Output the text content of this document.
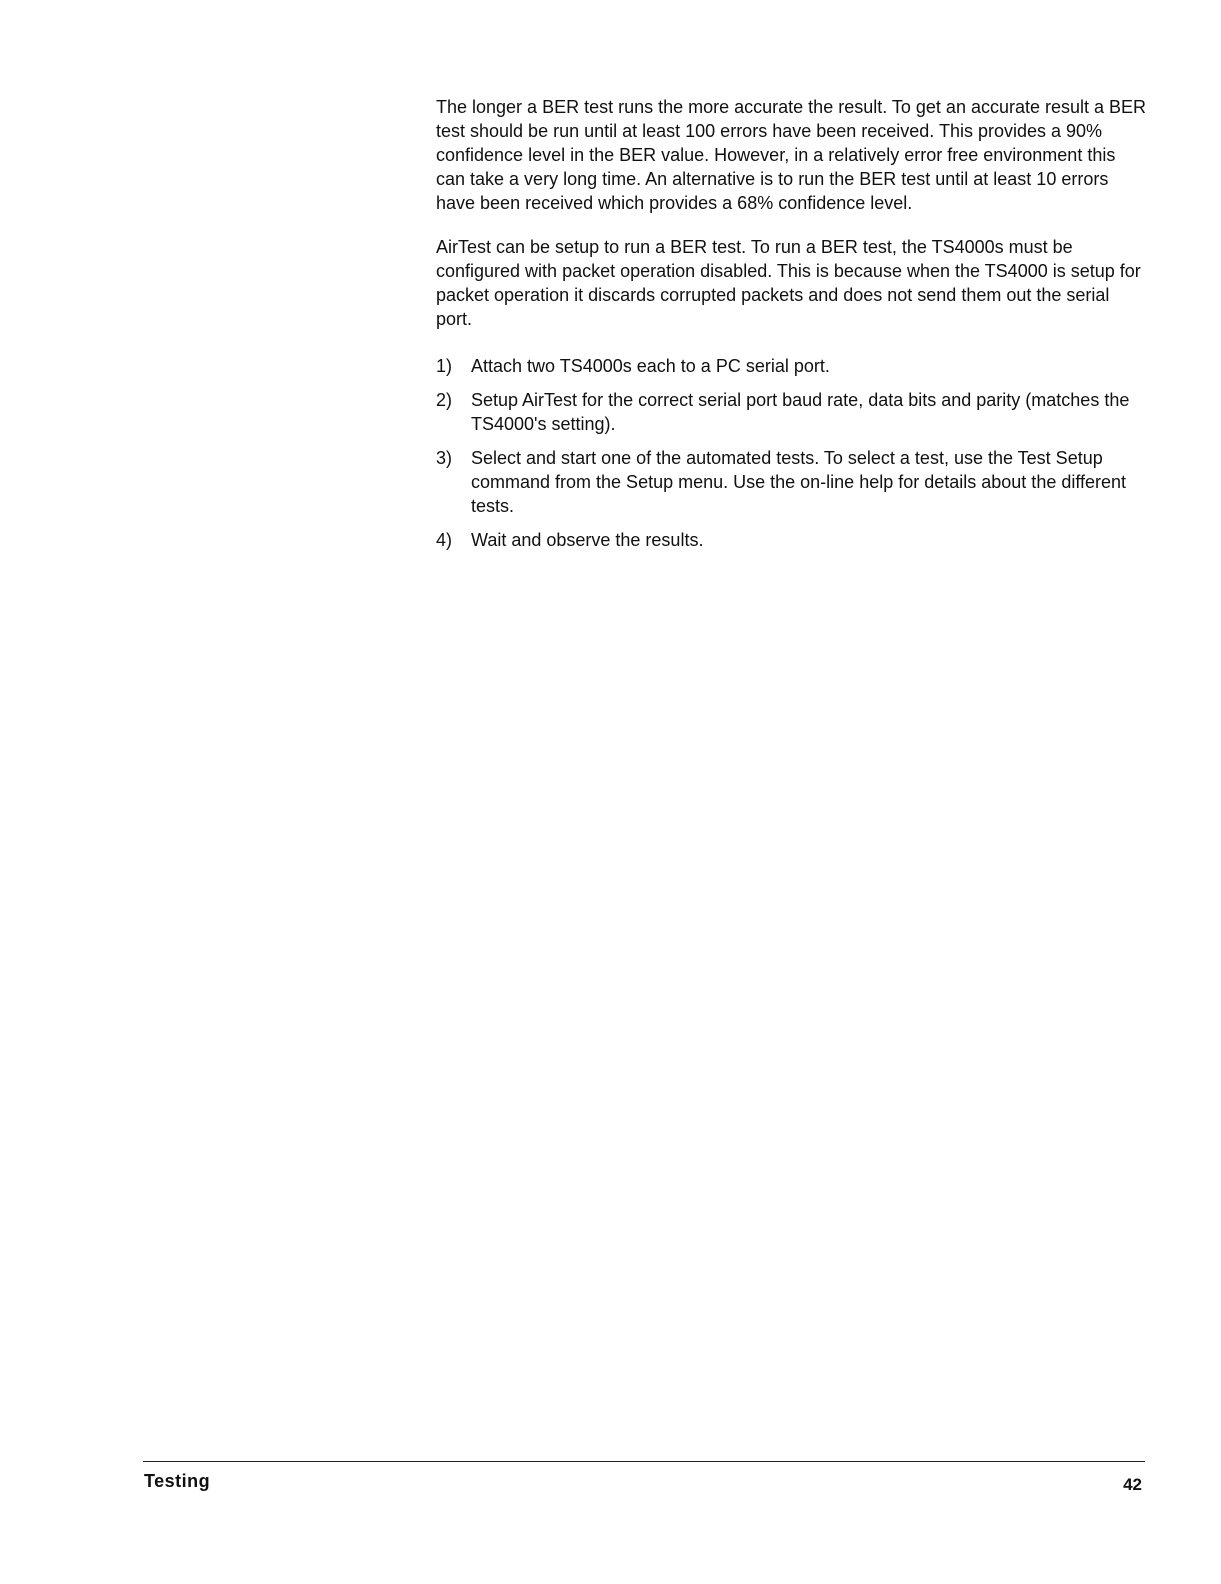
The longer a BER test runs the more accurate the result. To get an accurate result a BER test should be run until at least 100 errors have been received. This provides a 90% confidence level in the BER value. However, in a relatively error free environment this can take a very long time. An alternative is to run the BER test until at least 10 errors have been received which provides a 68% confidence level.

AirTest can be setup to run a BER test. To run a BER test, the TS4000s must be configured with packet operation disabled. This is because when the TS4000 is setup for packet operation it discards corrupted packets and does not send them out the serial port.

1)	Attach two TS4000s each to a PC serial port.
2)	Setup AirTest for the correct serial port baud rate, data bits and parity (matches the TS4000's setting).
3)	Select and start one of the automated tests. To select a test, use the Test Setup command from the Setup menu. Use the on-line help for details about the different tests.
4)	Wait and observe the results.
Testing	42
